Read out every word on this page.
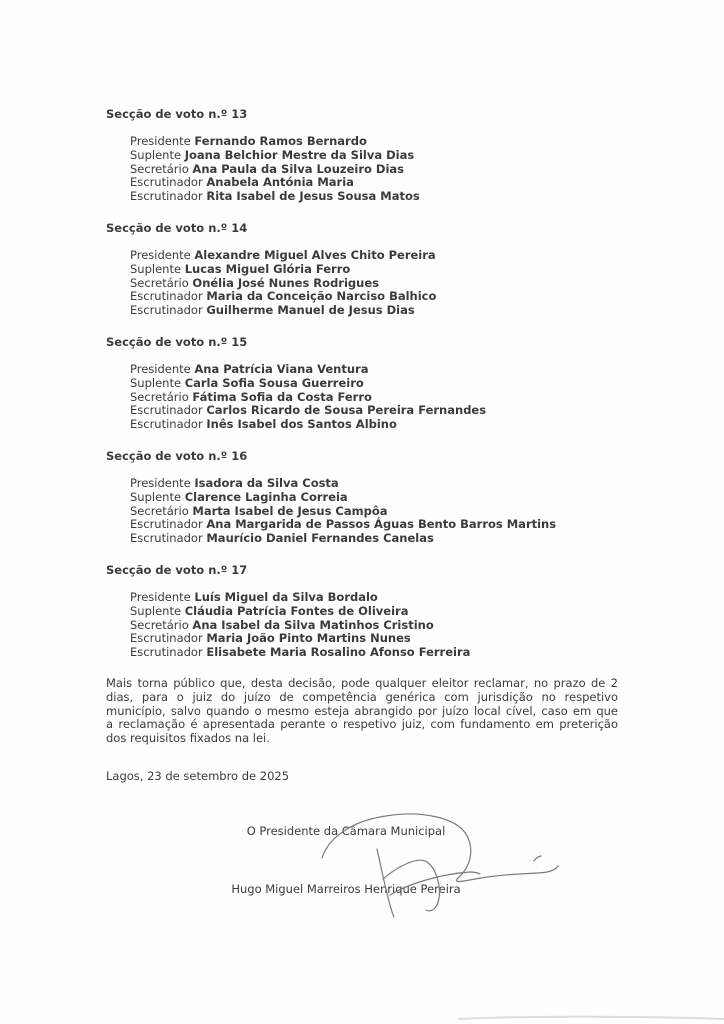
Secção de voto n.º 13
Presidente Fernando Ramos Bernardo
Suplente Joana Belchior Mestre da Silva Dias
Secretário Ana Paula da Silva Louzeiro Dias
Escrutinador Anabela Antónia Maria
Escrutinador Rita Isabel de Jesus Sousa Matos
Secção de voto n.º 14
Presidente Alexandre Miguel Alves Chito Pereira
Suplente Lucas Miguel Glória Ferro
Secretário Onélia José Nunes Rodrigues
Escrutinador Maria da Conceição Narciso Balhico
Escrutinador Guilherme Manuel de Jesus Dias
Secção de voto n.º 15
Presidente Ana Patrícia Viana Ventura
Suplente Carla Sofia Sousa Guerreiro
Secretário Fátima Sofia da Costa Ferro
Escrutinador Carlos Ricardo de Sousa Pereira Fernandes
Escrutinador Inês Isabel dos Santos Albino
Secção de voto n.º 16
Presidente Isadora da Silva Costa
Suplente Clarence Laginha Correia
Secretário Marta Isabel de Jesus Campôa
Escrutinador Ana Margarida de Passos Águas Bento Barros Martins
Escrutinador Maurício Daniel Fernandes Canelas
Secção de voto n.º 17
Presidente Luís Miguel da Silva Bordalo
Suplente Cláudia Patrícia Fontes de Oliveira
Secretário Ana Isabel da Silva Matinhos Cristino
Escrutinador Maria João Pinto Martins Nunes
Escrutinador Elisabete Maria Rosalino Afonso Ferreira
Mais torna público que, desta decisão, pode qualquer eleitor reclamar, no prazo de 2
dias, para o juiz do juízo de competência genérica com jurisdição no respetivo
município, salvo quando o mesmo esteja abrangido por juízo local cível, caso em que
a reclamação é apresentada perante o respetivo juiz, com fundamento em preterição
dos requisitos fixados na lei.
Lagos, 23 de setembro de 2025
O Presidente da Câmara Municipal
Hugo Miguel Marreiros Henrique Pereira
